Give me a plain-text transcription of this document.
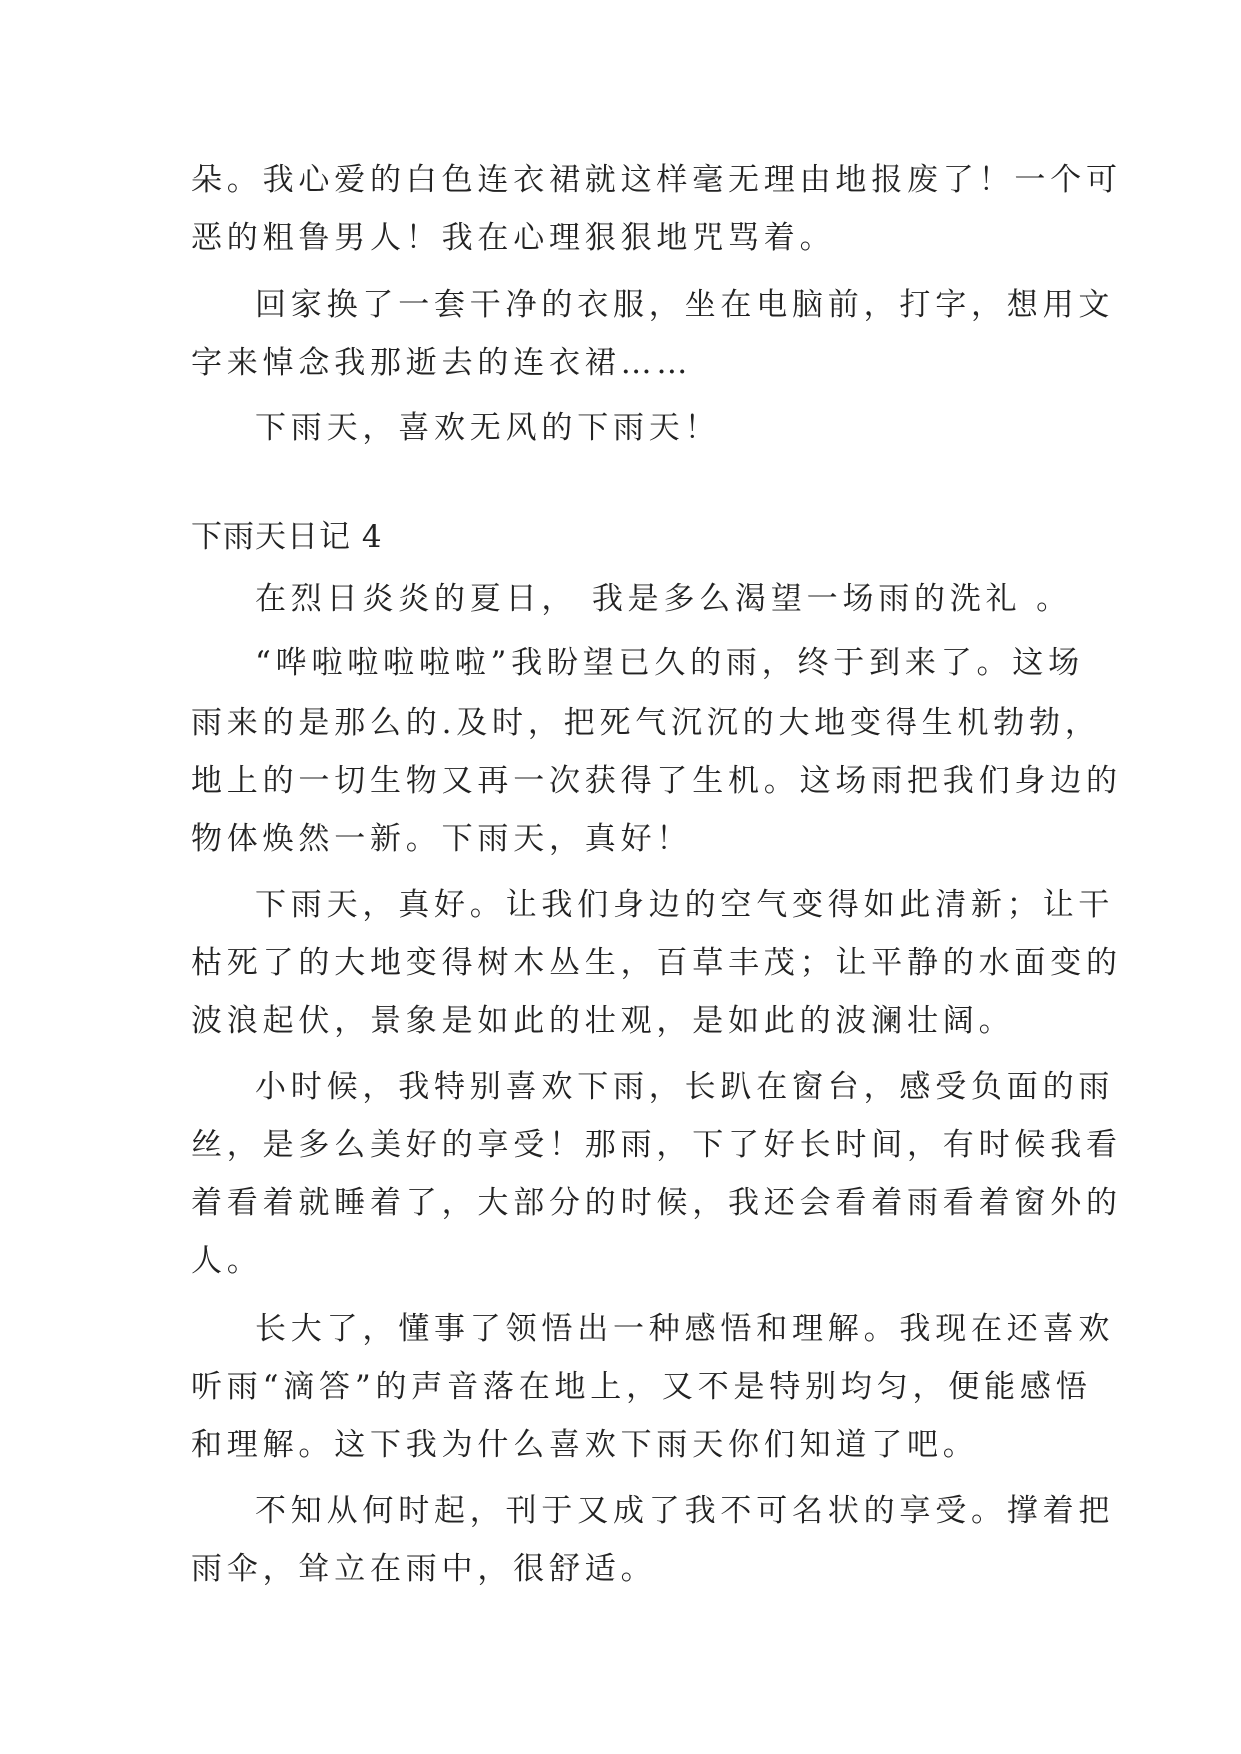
朵。我心爱的白色连衣裙就这样毫无理由地报废了！一个可
恶的粗鲁男人！我在心理狠狠地咒骂着。
回家换了一套干净的衣服，坐在电脑前，打字，想用文
字来悼念我那逝去的连衣裙……
下雨天，喜欢无风的下雨天！
下雨天日记 4
在烈日炎炎的夏日， 我是多么渴望一场雨的洗礼 。
“哗啦啦啦啦啦”我盼望已久的雨，终于到来了。这场
雨来的是那么的.及时，把死气沉沉的大地变得生机勃勃，
地上的一切生物又再一次获得了生机。这场雨把我们身边的
物体焕然一新。下雨天，真好！
下雨天，真好。让我们身边的空气变得如此清新；让干
枯死了的大地变得树木丛生，百草丰茂；让平静的水面变的
波浪起伏，景象是如此的壮观，是如此的波澜壮阔。
小时候，我特别喜欢下雨，长趴在窗台，感受负面的雨
丝，是多么美好的享受！那雨，下了好长时间，有时候我看
着看着就睡着了，大部分的时候，我还会看着雨看着窗外的
人。
长大了，懂事了领悟出一种感悟和理解。我现在还喜欢
听雨“滴答”的声音落在地上，又不是特别均匀，便能感悟
和理解。这下我为什么喜欢下雨天你们知道了吧。
不知从何时起，刊于又成了我不可名状的享受。撑着把
雨伞，耸立在雨中，很舒适。
